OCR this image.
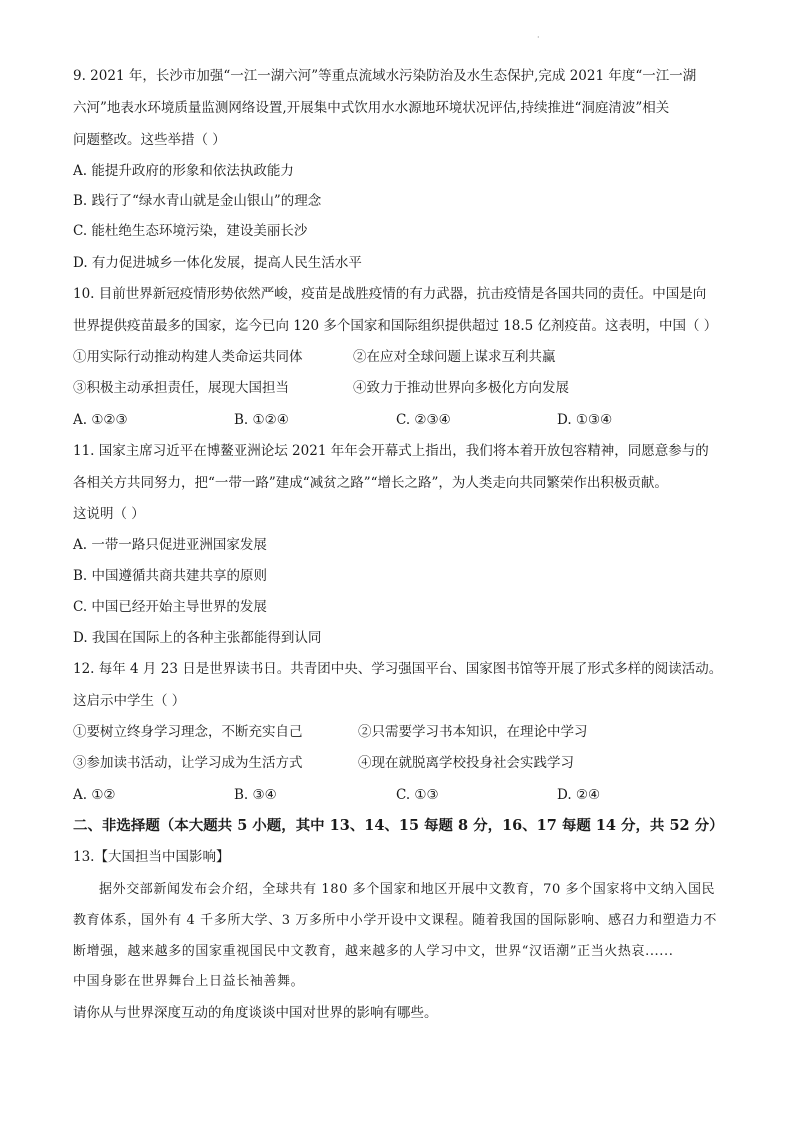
·
9. 2021 年，长沙市加强“一江一湖六河”等重点流域水污染防治及水生态保护,完成 2021 年度“一江一湖
六河”地表水环境质量监测网络设置,开展集中式饮用水水源地环境状况评估,持续推进“洞庭清波”相关
问题整改。这些举措（ ）
A. 能提升政府的形象和依法执政能力
B. 践行了“绿水青山就是金山银山”的理念
C. 能杜绝生态环境污染，建设美丽长沙
D. 有力促进城乡一体化发展，提高人民生活水平
10. 目前世界新冠疫情形势依然严峻，疫苗是战胜疫情的有力武器，抗击疫情是各国共同的责任。中国是向
世界提供疫苗最多的国家，迄今已向 120 多个国家和国际组织提供超过 18.5 亿剂疫苗。这表明，中国（ ）
①用实际行动推动构建人类命运共同体	②在应对全球问题上谋求互利共赢
③积极主动承担责任，展现大国担当	④致力于推动世界向多极化方向发展
A. ①②③	B. ①②④	C. ②③④	D. ①③④
11. 国家主席习近平在博鳌亚洲论坛 2021 年年会开幕式上指出，我们将本着开放包容精神，同愿意参与的
各相关方共同努力，把“一带一路”建成“减贫之路”“增长之路”，为人类走向共同繁荣作出积极贡献。
这说明（ ）
A. 一带一路只促进亚洲国家发展
B. 中国遵循共商共建共享的原则
C. 中国已经开始主导世界的发展
D. 我国在国际上的各种主张都能得到认同
12. 每年 4 月 23 日是世界读书日。共青团中央、学习强国平台、国家图书馆等开展了形式多样的阅读活动。
这启示中学生（ ）
①要树立终身学习理念，不断充实自己	②只需要学习书本知识，在理论中学习
③参加读书活动，让学习成为生活方式	④现在就脱离学校投身社会实践学习
A. ①②	B. ③④	C. ①③	D. ②④
二、非选择题（本大题共 5 小题，其中 13、14、15 每题 8 分，16、17 每题 14 分，共 52 分）
13.【大国担当中国影响】
据外交部新闻发布会介绍，全球共有 180 多个国家和地区开展中文教育，70 多个国家将中文纳入国民
教育体系，国外有 4 千多所大学、3 万多所中小学开设中文课程。随着我国的国际影响、感召力和塑造力不
断增强，越来越多的国家重视国民中文教育，越来越多的人学习中文，世界“汉语潮”正当火热哀......
中国身影在世界舞台上日益长袖善舞。
请你从与世界深度互动的角度谈谈中国对世界的影响有哪些。
